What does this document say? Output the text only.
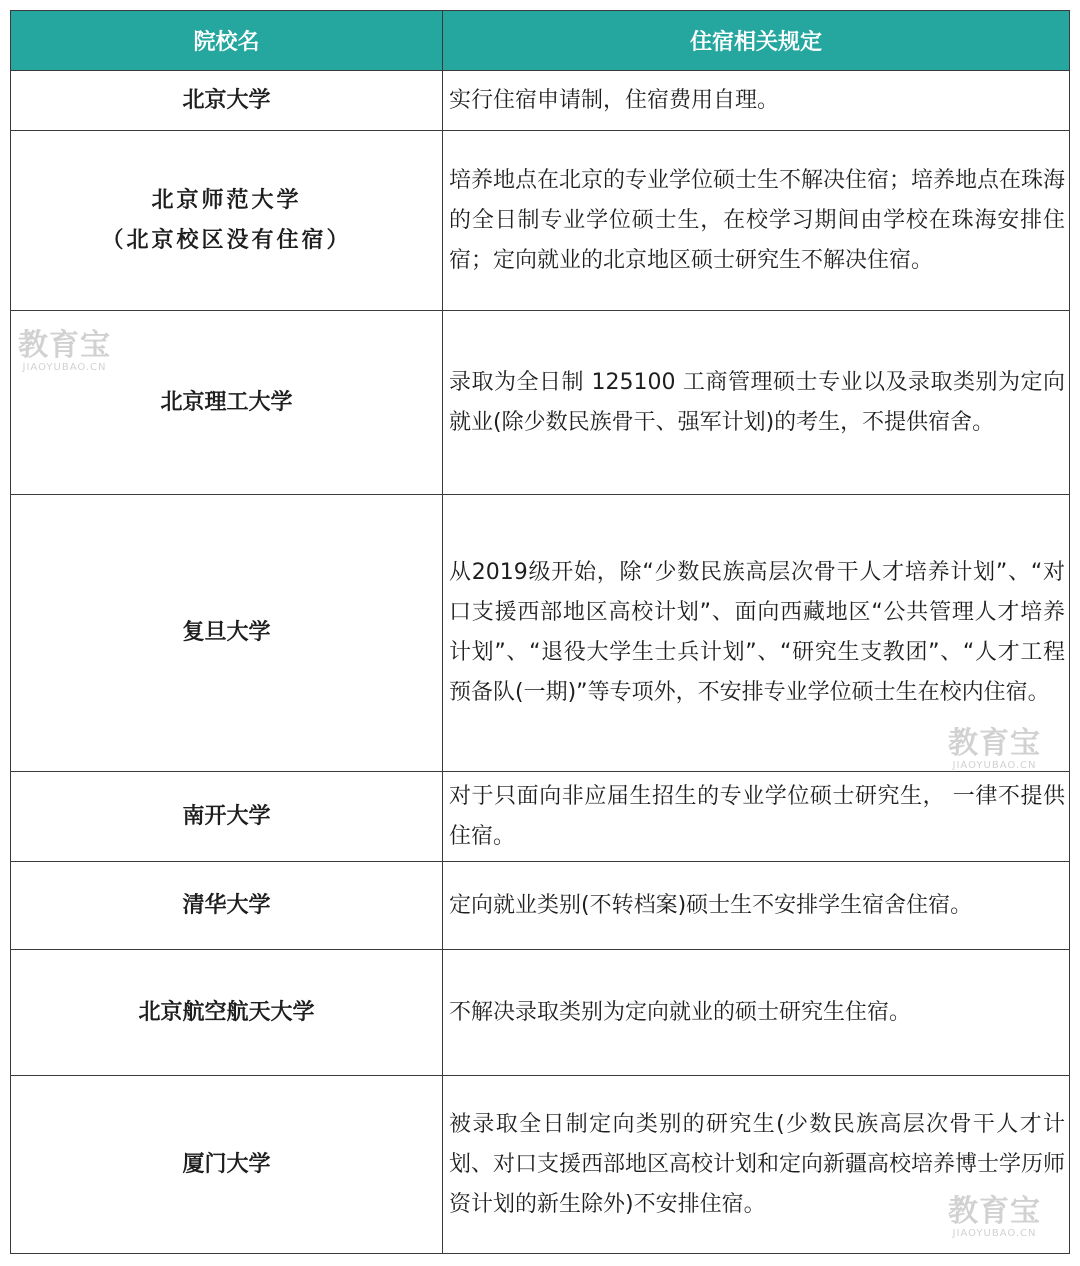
院校名	住宿相关规定

北京大学	实行住宿申请制，住宿费用自理。

北京师范大学
（北京校区没有住宿）	培养地点在北京的专业学位硕士生不解决住宿；培养地点在珠海的全日制专业学位硕士生，在校学习期间由学校在珠海安排住宿；定向就业的北京地区硕士研究生不解决住宿。

北京理工大学	录取为全日制 125100 工商管理硕士专业以及录取类别为定向就业(除少数民族骨干、强军计划)的考生，不提供宿舍。

复旦大学	从2019级开始，除“少数民族高层次骨干人才培养计划”、“对口支援西部地区高校计划”、面向西藏地区“公共管理人才培养计划”、“退役大学生士兵计划”、“研究生支教团”、“人才工程预备队(一期)”等专项外，不安排专业学位硕士生在校内住宿。

南开大学	对于只面向非应届生招生的专业学位硕士研究生， 一律不提供住宿。

清华大学	定向就业类别(不转档案)硕士生不安排学生宿舍住宿。

北京航空航天大学	不解决录取类别为定向就业的硕士研究生住宿。

厦门大学	被录取全日制定向类别的研究生(少数民族高层次骨干人才计划、对口支援西部地区高校计划和定向新疆高校培养博士学历师资计划的新生除外)不安排住宿。
教育宝
JIAOYUBAO.CN
教育宝
JIAOYUBAO.CN
教育宝
JIAOYUBAO.CN
